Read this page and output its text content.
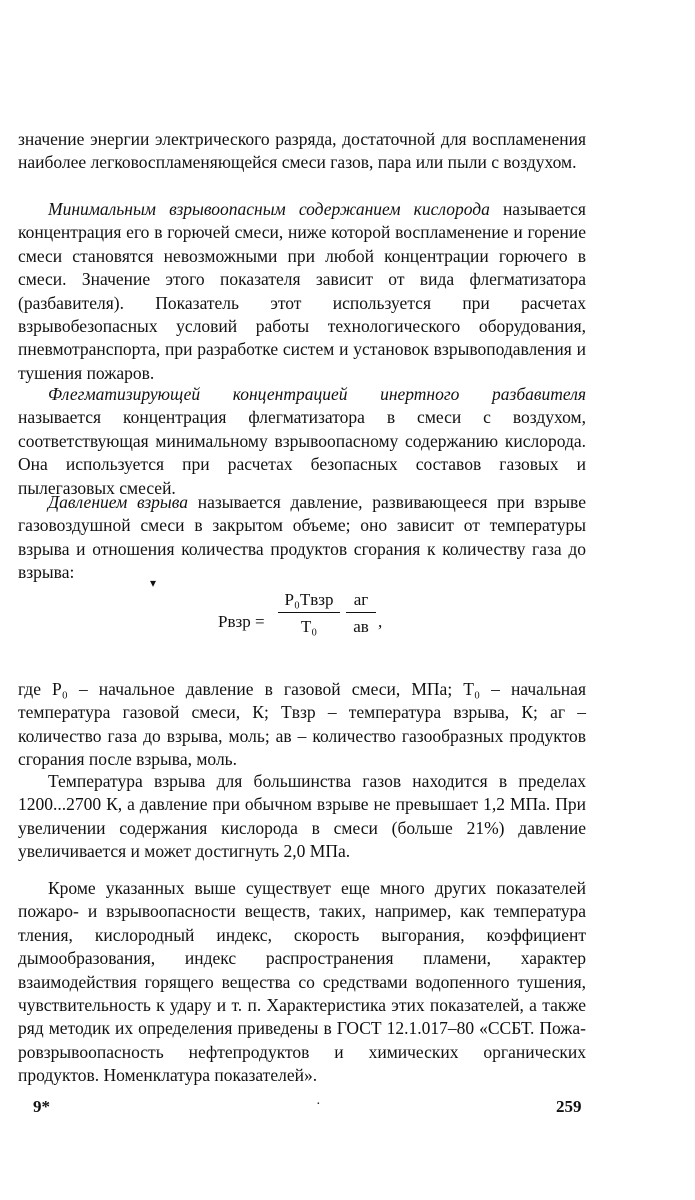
значение энергии электрического разряда, достаточной для воспламенения наиболее легковоспламеняющейся смеси газов, пара или пыли с воздухом.

Минимальным взрывоопасным содержанием кислорода называется концентрация его в горючей смеси, ниже которой воспламенение и горение смеси становятся невозможными при любой концентрации горючего в смеси. Значение этого показателя зависит от вида флегматизатора (разбавителя). Показатель этот используется при расчетах взрывобезопасных условий работы технологического оборудования, пневмотранспорта, при разработке систем и установок взрывоподавления и тушения пожаров.

Флегматизирующей концентрацией инертного разбавителя называется концентрация флегматизатора в смеси с воздухом, соответствующая минимальному взрывоопасному содержанию кислорода. Она используется при расчетах безопасных составов газовых и пылегазовых смесей.

Давлением взрыва называется давление, развивающееся при взрыве газовоздушной смеси в закрытом объеме; оно зависит от температуры взрыва и отношения количества продуктов сгорания к количеству газа до взрыва:

▾
Pвзр =
P₀Tвзр
T₀
aг
aв ,

где P₀ – начальное давление в газовой смеси, МПа; T₀ – начальная температура газовой смеси, К; Tвзр – температура взрыва, К; aг – количество газа до взрыва, моль; aв – количество газообразных продуктов сгорания после взрыва, моль.

Температура взрыва для большинства газов находится в пределах 1200...2700 К, а давление при обычном взрыве не превышает 1,2 МПа. При увеличении содержания кислорода в смеси (больше 21%) давление увеличивается и может достигнуть 2,0 МПа.

Кроме указанных выше существует еще много других показателей пожаро- и взрывоопасности веществ, таких, например, как температура тления, кислородный индекс, скорость выгорания, коэффициент дымообразования, индекс распространения пламени, характер взаимодействия горящего вещества со средствами водопенного тушения, чувствительность к удару и т. п. Характеристика этих показателей, а также ряд методик их определения приведены в ГОСТ 12.1.017–80 «ССБТ. Пожаровзрывоопасность нефтепродуктов и химических органических продуктов. Номенклатура показателей».

9*	·	259
